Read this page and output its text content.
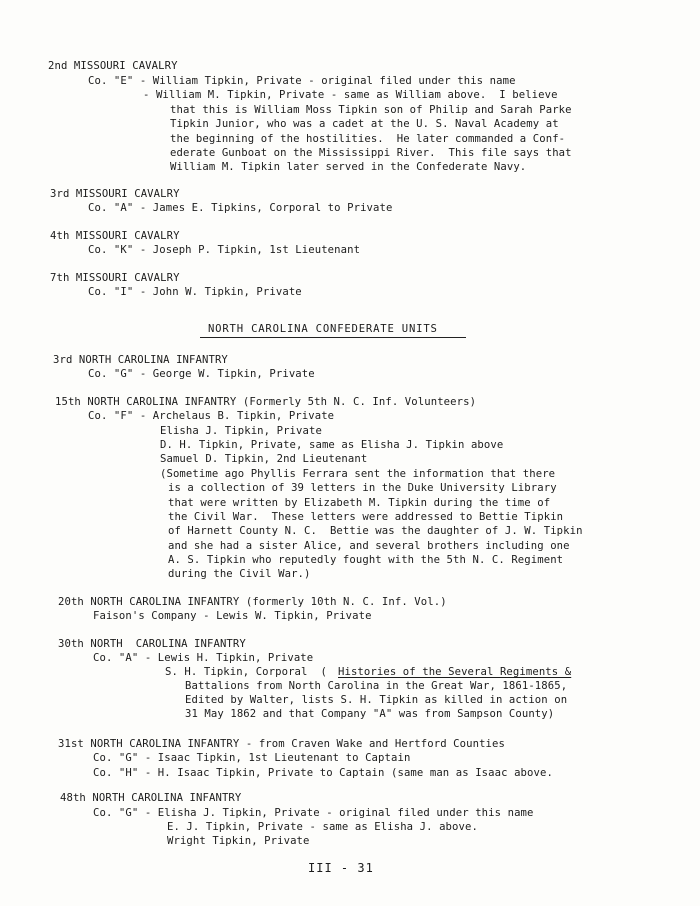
2nd MISSOURI CAVALRY
Co. "E" - William Tipkin, Private - original filed under this name
- William M. Tipkin, Private - same as William above.  I believe
that this is William Moss Tipkin son of Philip and Sarah Parke
Tipkin Junior, who was a cadet at the U. S. Naval Academy at
the beginning of the hostilities.  He later commanded a Conf-
ederate Gunboat on the Mississippi River.  This file says that
William M. Tipkin later served in the Confederate Navy.
3rd MISSOURI CAVALRY
Co. "A" - James E. Tipkins, Corporal to Private
4th MISSOURI CAVALRY
Co. "K" - Joseph P. Tipkin, 1st Lieutenant
7th MISSOURI CAVALRY
Co. "I" - John W. Tipkin, Private
NORTH CAROLINA CONFEDERATE UNITS
3rd NORTH CAROLINA INFANTRY
Co. "G" - George W. Tipkin, Private
15th NORTH CAROLINA INFANTRY (Formerly 5th N. C. Inf. Volunteers)
Co. "F" - Archelaus B. Tipkin, Private
Elisha J. Tipkin, Private
D. H. Tipkin, Private, same as Elisha J. Tipkin above
Samuel D. Tipkin, 2nd Lieutenant
(Sometime ago Phyllis Ferrara sent the information that there
is a collection of 39 letters in the Duke University Library
that were written by Elizabeth M. Tipkin during the time of
the Civil War.  These letters were addressed to Bettie Tipkin
of Harnett County N. C.  Bettie was the daughter of J. W. Tipkin
and she had a sister Alice, and several brothers including one
A. S. Tipkin who reputedly fought with the 5th N. C. Regiment
during the Civil War.)
20th NORTH CAROLINA INFANTRY (formerly 10th N. C. Inf. Vol.)
Faison's Company - Lewis W. Tipkin, Private
30th NORTH  CAROLINA INFANTRY
Co. "A" - Lewis H. Tipkin, Private
S. H. Tipkin, Corporal  ( Histories of the Several Regiments &
Battalions from North Carolina in the Great War, 1861-1865,
Edited by Walter, lists S. H. Tipkin as killed in action on
31 May 1862 and that Company "A" was from Sampson County)
31st NORTH CAROLINA INFANTRY - from Craven Wake and Hertford Counties
Co. "G" - Isaac Tipkin, 1st Lieutenant to Captain
Co. "H" - H. Isaac Tipkin, Private to Captain (same man as Isaac above.
48th NORTH CAROLINA INFANTRY
Co. "G" - Elisha J. Tipkin, Private - original filed under this name
E. J. Tipkin, Private - same as Elisha J. above.
Wright Tipkin, Private
III - 31
